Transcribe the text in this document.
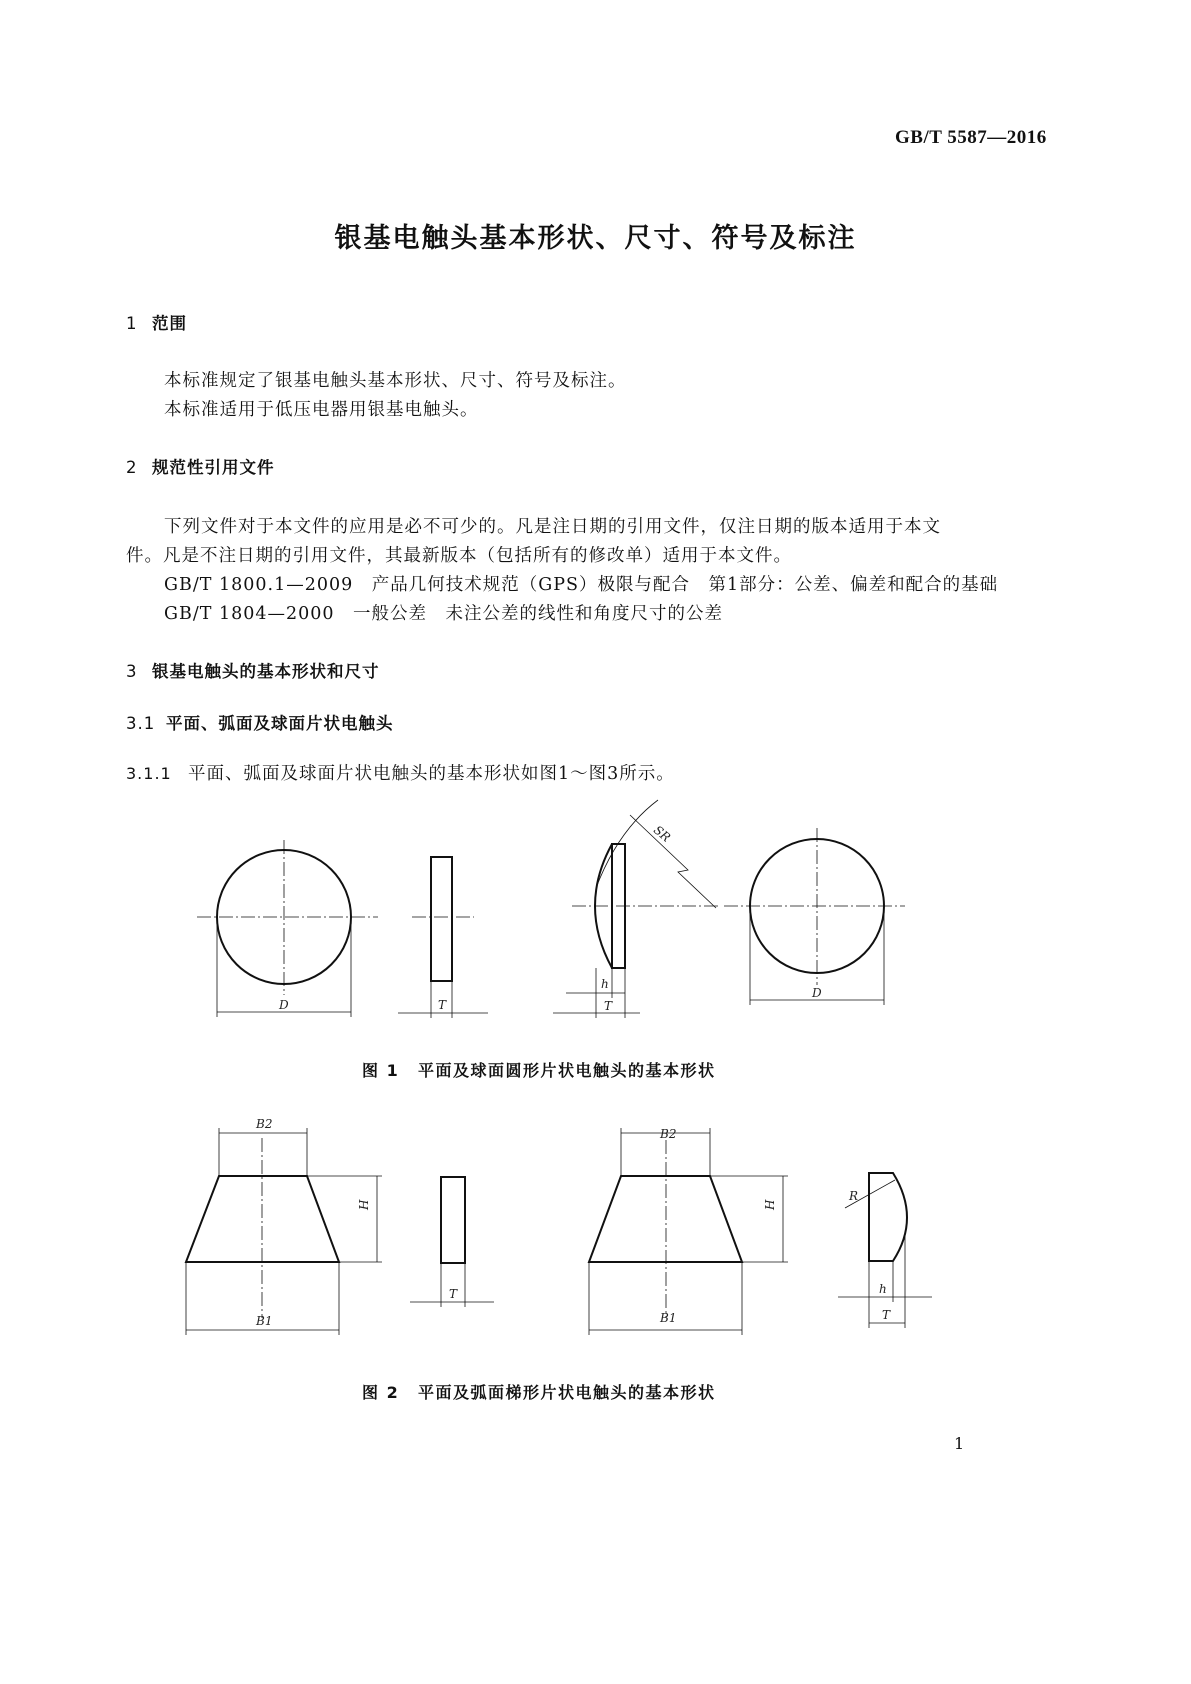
GB/T 5587—2016
银基电触头基本形状、尺寸、符号及标注
1 范围
本标准规定了银基电触头基本形状、尺寸、符号及标注。
本标准适用于低压电器用银基电触头。
2 规范性引用文件
下列文件对于本文件的应用是必不可少的。凡是注日期的引用文件，仅注日期的版本适用于本文
件。凡是不注日期的引用文件，其最新版本（包括所有的修改单）适用于本文件。
GB/T 1800.1—2009　产品几何技术规范（GPS）极限与配合　第1部分：公差、偏差和配合的基础
GB/T 1804—2000　一般公差　未注公差的线性和角度尺寸的公差
3 银基电触头的基本形状和尺寸
3.1 平面、弧面及球面片状电触头
3.1.1 平面、弧面及球面片状电触头的基本形状如图1～图3所示。
D	T
SR
h
T
D
图 1 平面及球面圆形片状电触头的基本形状
B2
H
B1
T
B2
H
B1
R
h
T
图 2 平面及弧面梯形片状电触头的基本形状
1
